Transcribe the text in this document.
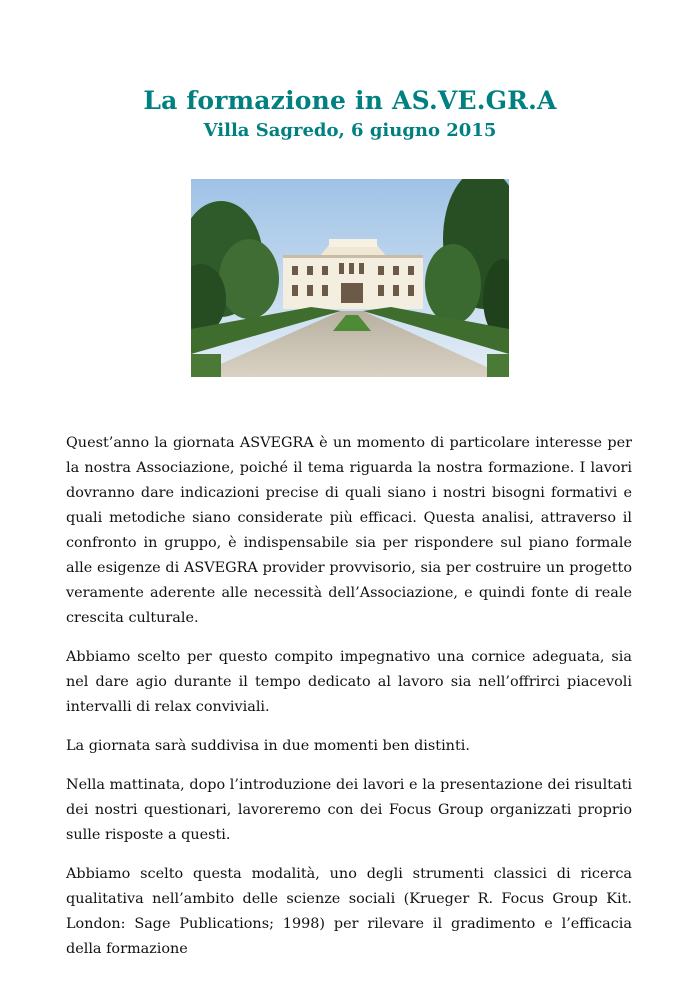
La formazione in AS.VE.GR.A
Villa Sagredo, 6 giugno 2015

Quest’anno la giornata ASVEGRA è un momento di particolare interesse per la nostra Associazione, poiché il tema riguarda la nostra formazione. I lavori dovranno dare indicazioni precise di quali siano i nostri bisogni formativi e quali metodiche siano considerate più efficaci. Questa analisi, attraverso il confronto in gruppo, è indispensabile sia per rispondere sul piano formale alle esigenze di ASVEGRA provider provvisorio, sia per costruire un progetto veramente aderente alle necessità dell’Associazione, e quindi fonte di reale crescita culturale.

Abbiamo scelto per questo compito impegnativo una cornice adeguata, sia nel dare agio durante il tempo dedicato al lavoro sia nell’offrirci piacevoli intervalli di relax conviviali.

La giornata sarà suddivisa in due momenti ben distinti.

Nella mattinata, dopo l’introduzione dei lavori e la presentazione dei risultati dei nostri questionari, lavoreremo con dei Focus Group organizzati proprio sulle risposte a questi.

Abbiamo scelto questa modalità, uno degli strumenti classici di ricerca qualitativa nell’ambito delle scienze sociali (Krueger R. Focus Group Kit. London: Sage Publications; 1998) per rilevare il gradimento e l’efficacia della formazione
